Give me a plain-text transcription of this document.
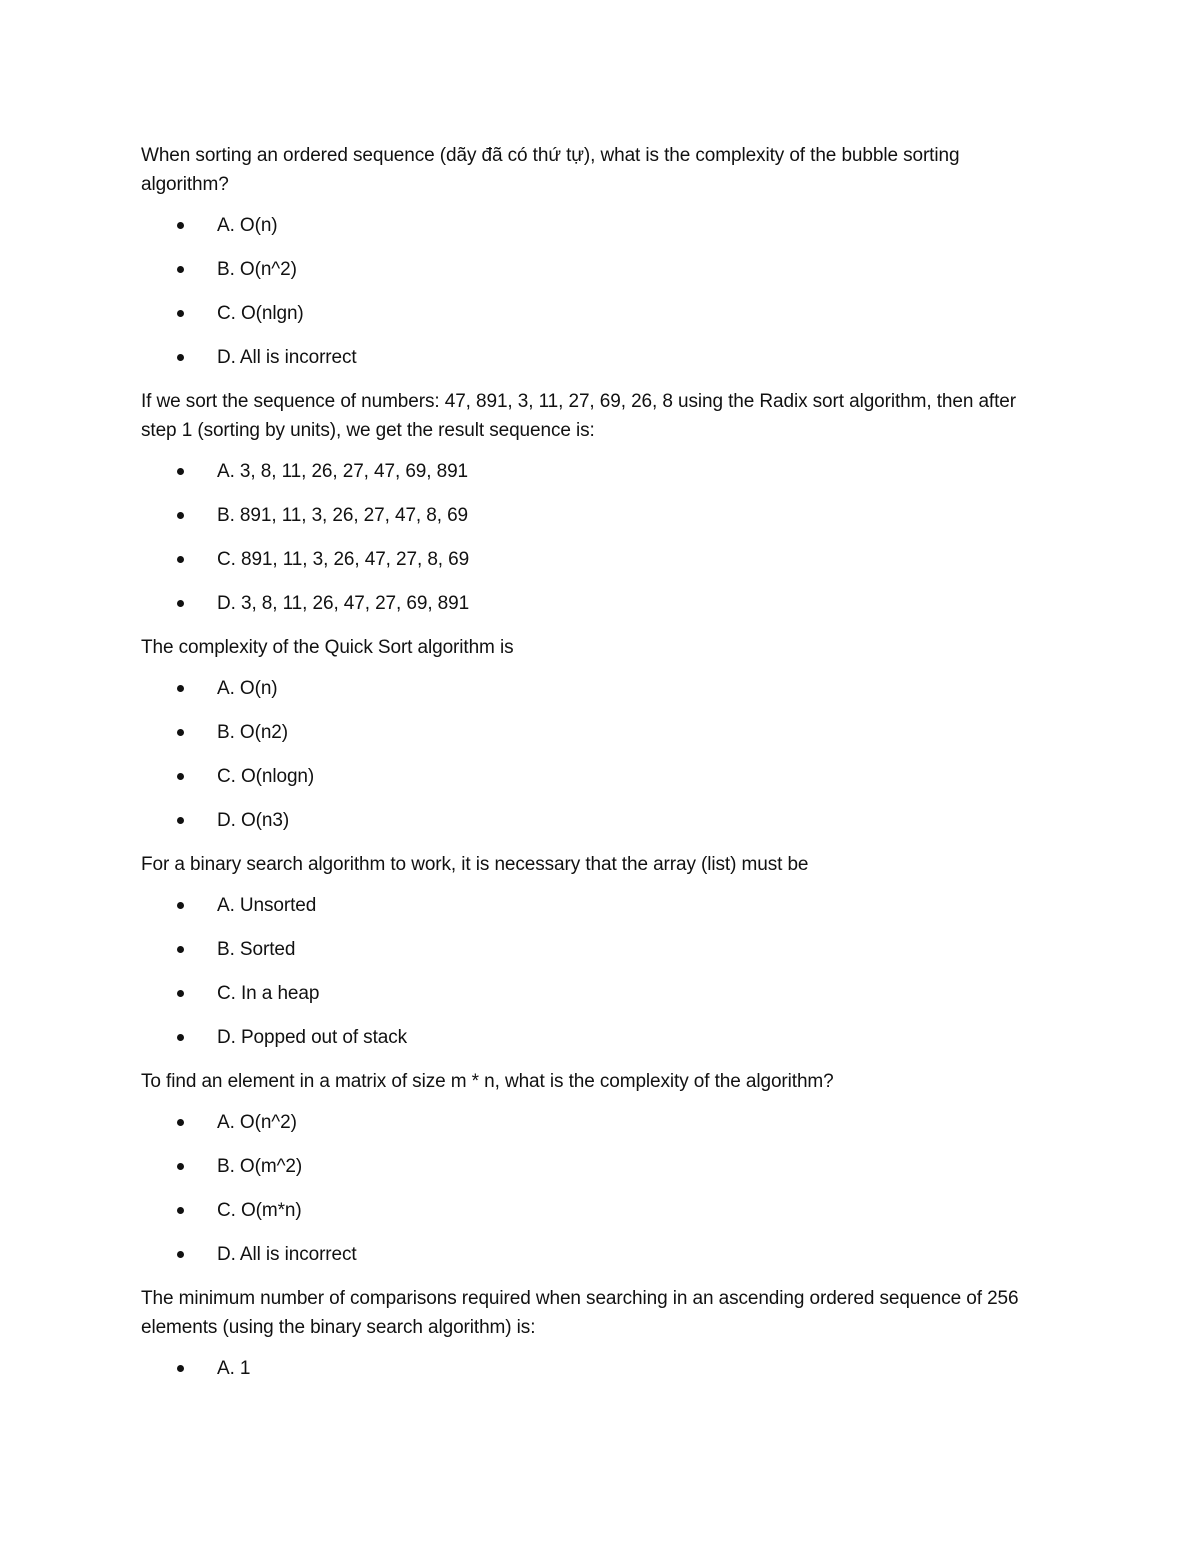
When sorting an ordered sequence (dãy đã có thứ tự), what is the complexity of the bubble sorting algorithm?

A. O(n)
B. O(n^2)
C. O(nlgn)
D. All is incorrect

If we sort the sequence of numbers: 47, 891, 3, 11, 27, 69, 26, 8 using the Radix sort algorithm, then after step 1 (sorting by units), we get the result sequence is:

A. 3, 8, 11, 26, 27, 47, 69, 891
B. 891, 11, 3, 26, 27, 47, 8, 69
C. 891, 11, 3, 26, 47, 27, 8, 69
D. 3, 8, 11, 26, 47, 27, 69, 891

The complexity of the Quick Sort algorithm is

A. O(n)
B. O(n2)
C. O(nlogn)
D. O(n3)

For a binary search algorithm to work, it is necessary that the array (list) must be

A. Unsorted
B. Sorted
C. In a heap
D. Popped out of stack

To find an element in a matrix of size m * n, what is the complexity of the algorithm?

A. O(n^2)
B. O(m^2)
C. O(m*n)
D. All is incorrect

The minimum number of comparisons required when searching in an ascending ordered sequence of 256 elements (using the binary search algorithm) is:

A. 1
